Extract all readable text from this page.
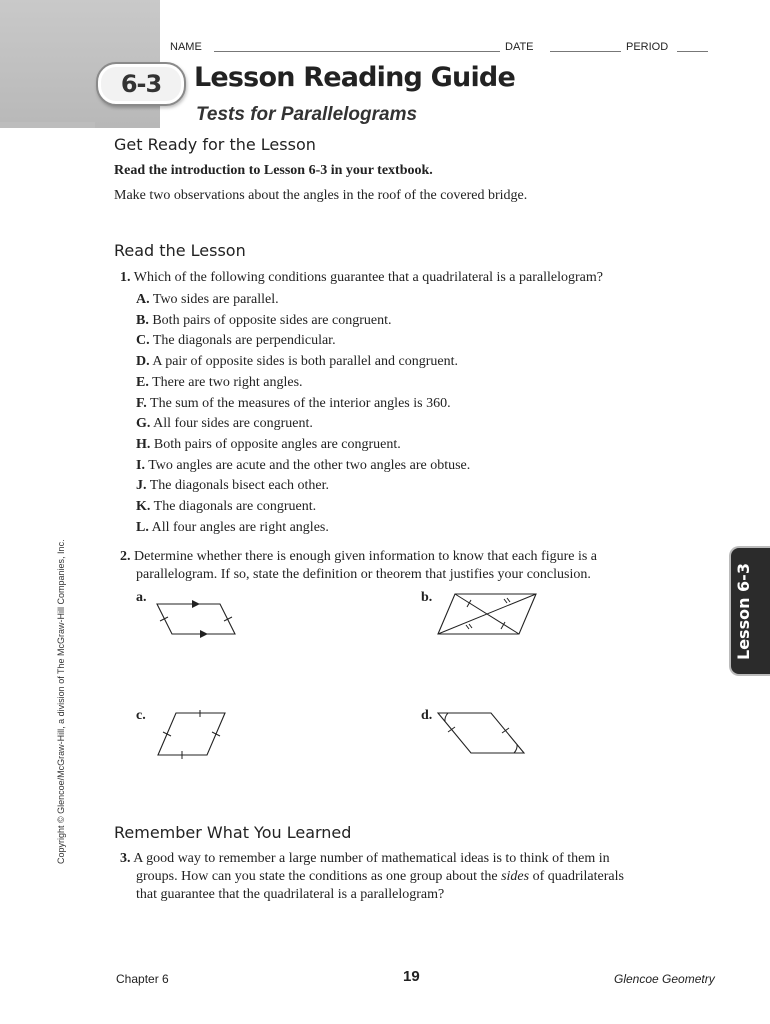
NAME	DATE	PERIOD
6-3 Lesson Reading Guide
Tests for Parallelograms
Get Ready for the Lesson
Read the introduction to Lesson 6-3 in your textbook.
Make two observations about the angles in the roof of the covered bridge.
Read the Lesson
1. Which of the following conditions guarantee that a quadrilateral is a parallelogram?
A. Two sides are parallel.
B. Both pairs of opposite sides are congruent.
C. The diagonals are perpendicular.
D. A pair of opposite sides is both parallel and congruent.
E. There are two right angles.
F. The sum of the measures of the interior angles is 360.
G. All four sides are congruent.
H. Both pairs of opposite angles are congruent.
I. Two angles are acute and the other two angles are obtuse.
J. The diagonals bisect each other.
K. The diagonals are congruent.
L. All four angles are right angles.
2. Determine whether there is enough given information to know that each figure is a
parallelogram. If so, state the definition or theorem that justifies your conclusion.
a.	b.
c.	d.
Remember What You Learned
3. A good way to remember a large number of mathematical ideas is to think of them in
groups. How can you state the conditions as one group about the sides of quadrilaterals
that guarantee that the quadrilateral is a parallelogram?
Copyright © Glencoe/McGraw-Hill, a division of The McGraw-Hill Companies, Inc.	Lesson 6-3
Chapter 6	19	Glencoe Geometry
